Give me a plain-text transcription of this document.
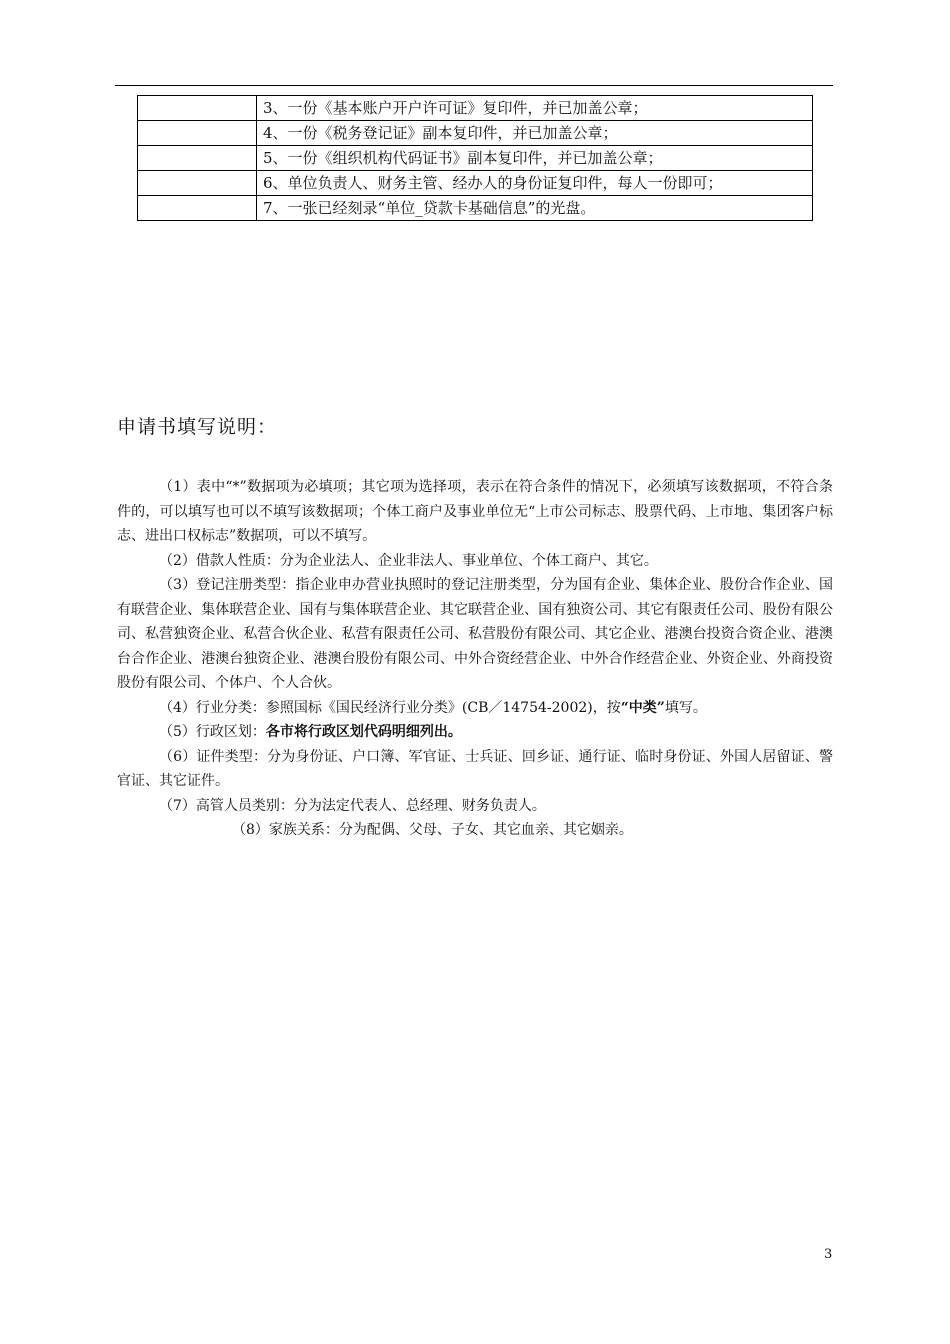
	3、一份《基本账户开户许可证》复印件，并已加盖公章；
	4、一份《税务登记证》副本复印件，并已加盖公章；
	5、一份《组织机构代码证书》副本复印件，并已加盖公章；
	6、单位负责人、财务主管、经办人的身份证复印件，每人一份即可；
	7、一张已经刻录“单位_贷款卡基础信息”的光盘。
申请书填写说明：

（1）表中“*”数据项为必填项；其它项为选择项，表示在符合条件的情况下，必须填写该数据项，不符合条件的，可以填写也可以不填写该数据项；个体工商户及事业单位无“上市公司标志、股票代码、上市地、集团客户标志、进出口权标志”数据项，可以不填写。

（2）借款人性质：分为企业法人、企业非法人、事业单位、个体工商户、其它。

（3）登记注册类型：指企业申办营业执照时的登记注册类型，分为国有企业、集体企业、股份合作企业、国有联营企业、集体联营企业、国有与集体联营企业、其它联营企业、国有独资公司、其它有限责任公司、股份有限公司、私营独资企业、私营合伙企业、私营有限责任公司、私营股份有限公司、其它企业、港澳台投资合资企业、港澳台合作企业、港澳台独资企业、港澳台股份有限公司、中外合资经营企业、中外合作经营企业、外资企业、外商投资股份有限公司、个体户、个人合伙。

（4）行业分类：参照国标《国民经济行业分类》(CB／14754-2002)，按“中类”填写。

（5）行政区划：各市将行政区划代码明细列出。

（6）证件类型：分为身份证、户口簿、军官证、士兵证、回乡证、通行证、临时身份证、外国人居留证、警官证、其它证件。

（7）高管人员类别：分为法定代表人、总经理、财务负责人。

（8）家族关系：分为配偶、父母、子女、其它血亲、其它姻亲。

3
